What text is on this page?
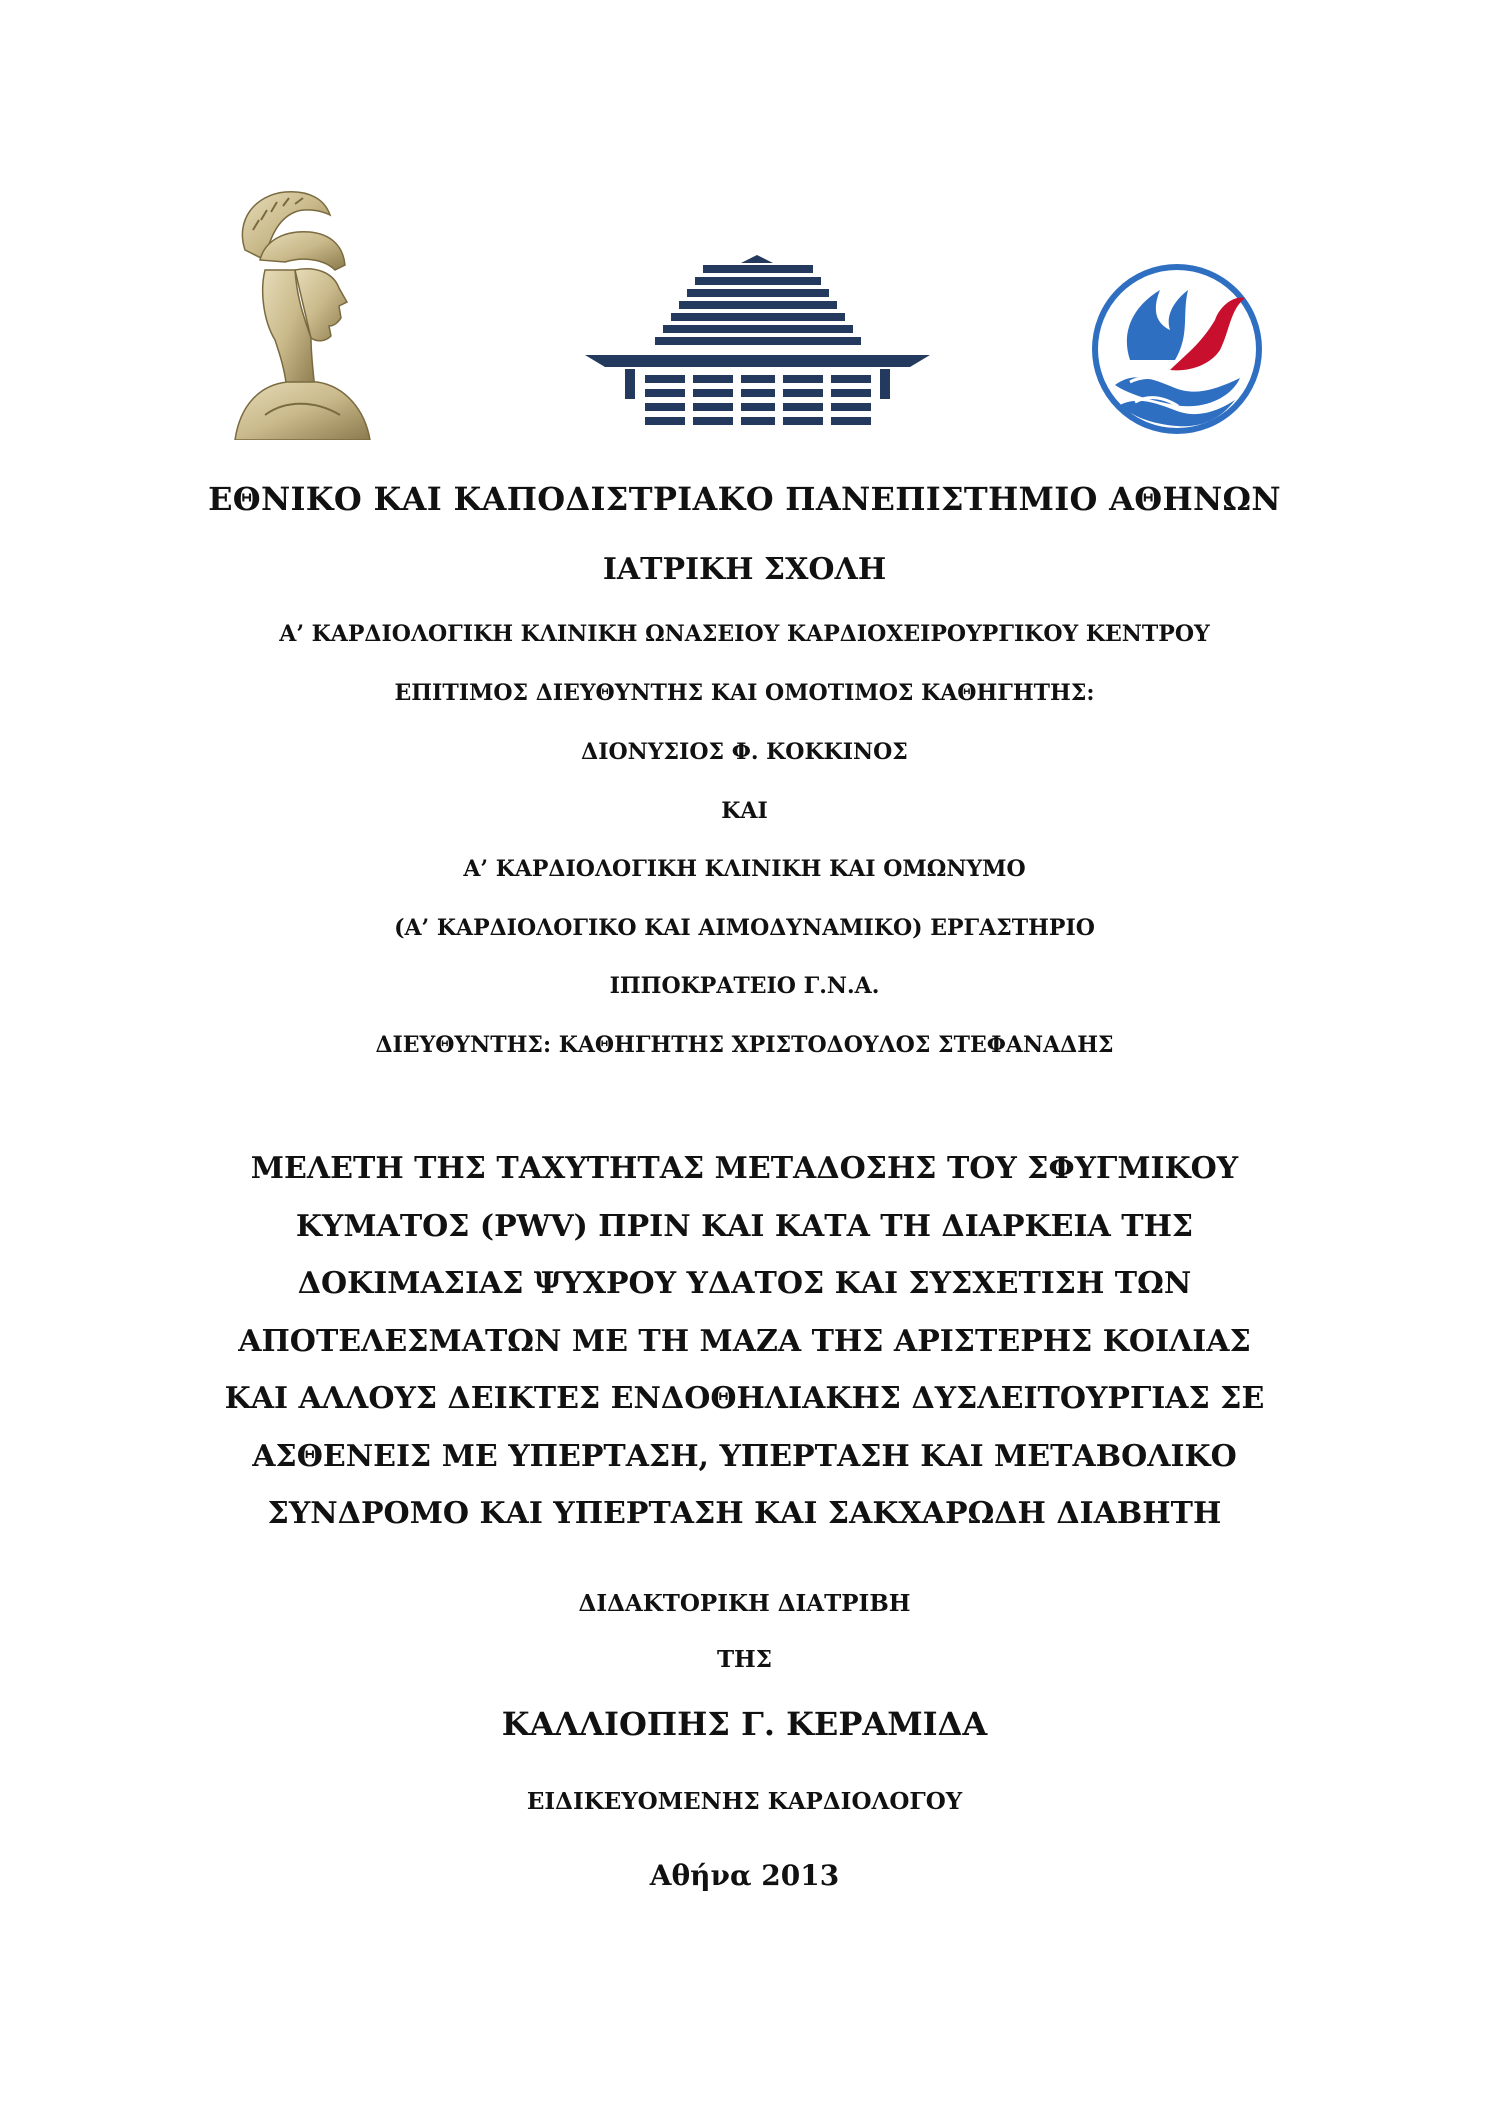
ΕΘΝΙΚΟ ΚΑΙ ΚΑΠΟΔΙΣΤΡΙΑΚΟ ΠΑΝΕΠΙΣΤΗΜΙΟ ΑΘΗΝΩΝ
ΙΑΤΡΙΚΗ ΣΧΟΛΗ
Α’ ΚΑΡΔΙΟΛΟΓΙΚΗ ΚΛΙΝΙΚΗ ΩΝΑΣΕΙΟΥ ΚΑΡΔΙΟΧΕΙΡΟΥΡΓΙΚΟΥ ΚΕΝΤΡΟΥ
ΕΠΙΤΙΜΟΣ ΔΙΕΥΘΥΝΤΗΣ ΚΑΙ ΟΜΟΤΙΜΟΣ ΚΑΘΗΓΗΤΗΣ:
ΔΙΟΝΥΣΙΟΣ Φ. ΚΟΚΚΙΝΟΣ
ΚΑΙ
Α’ ΚΑΡΔΙΟΛΟΓΙΚΗ ΚΛΙΝΙΚΗ ΚΑΙ ΟΜΩΝΥΜΟ
(Α’ ΚΑΡΔΙΟΛΟΓΙΚΟ ΚΑΙ ΑΙΜΟΔΥΝΑΜΙΚΟ) ΕΡΓΑΣΤΗΡΙΟ
ΙΠΠΟΚΡΑΤΕΙΟ Γ.Ν.Α.
ΔΙΕΥΘΥΝΤΗΣ: ΚΑΘΗΓΗΤΗΣ ΧΡΙΣΤΟΔΟΥΛΟΣ ΣΤΕΦΑΝΑΔΗΣ
ΜΕΛΕΤΗ ΤΗΣ ΤΑΧΥΤΗΤΑΣ ΜΕΤΑΔΟΣΗΣ ΤΟΥ ΣΦΥΓΜΙΚΟΥ
ΚΥΜΑΤΟΣ (PWV) ΠΡΙΝ ΚΑΙ ΚΑΤΑ ΤΗ ΔΙΑΡΚΕΙΑ ΤΗΣ
ΔΟΚΙΜΑΣΙΑΣ ΨΥΧΡΟΥ ΥΔΑΤΟΣ ΚΑΙ ΣΥΣΧΕΤΙΣΗ ΤΩΝ
ΑΠΟΤΕΛΕΣΜΑΤΩΝ ΜΕ ΤΗ ΜΑΖΑ ΤΗΣ ΑΡΙΣΤΕΡΗΣ ΚΟΙΛΙΑΣ
ΚΑΙ ΑΛΛΟΥΣ ΔΕΙΚΤΕΣ ΕΝΔΟΘΗΛΙΑΚΗΣ ΔΥΣΛΕΙΤΟΥΡΓΙΑΣ ΣΕ
ΑΣΘΕΝΕΙΣ ΜΕ ΥΠΕΡΤΑΣΗ, ΥΠΕΡΤΑΣΗ ΚΑΙ ΜΕΤΑΒΟΛΙΚΟ
ΣΥΝΔΡΟΜΟ ΚΑΙ ΥΠΕΡΤΑΣΗ ΚΑΙ ΣΑΚΧΑΡΩΔΗ ΔΙΑΒΗΤΗ
ΔΙΔΑΚΤΟΡΙΚΗ ΔΙΑΤΡΙΒΗ
ΤΗΣ
ΚΑΛΛΙΟΠΗΣ Γ. ΚΕΡΑΜΙΔΑ
ΕΙΔΙΚΕΥΟΜΕΝΗΣ ΚΑΡΔΙΟΛΟΓΟΥ
Αθήνα 2013
